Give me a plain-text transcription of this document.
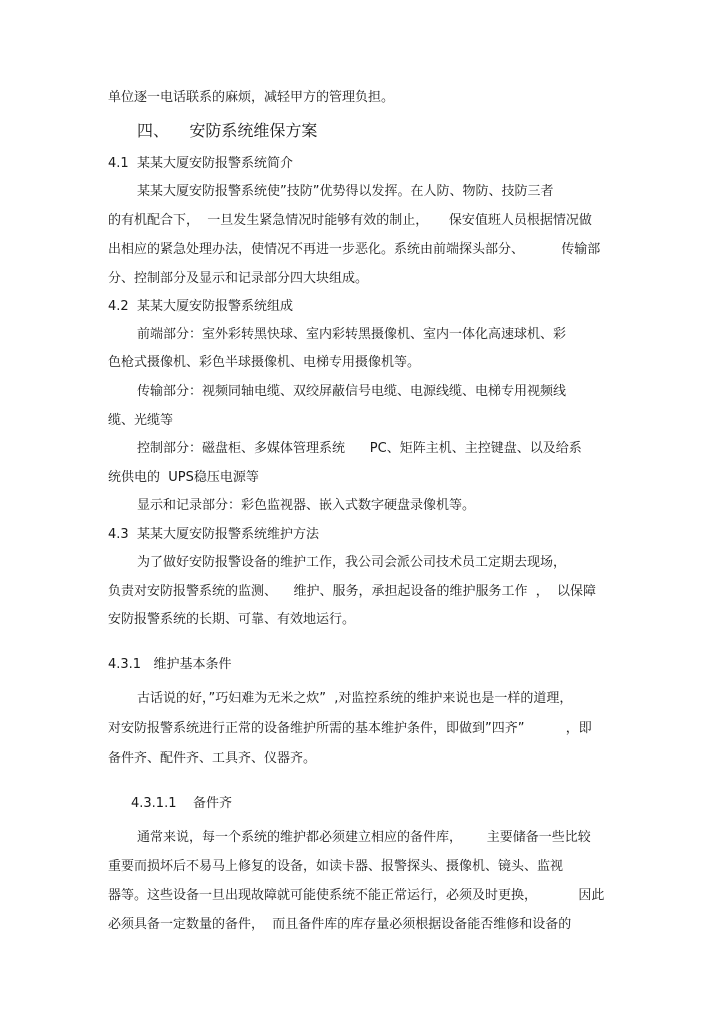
单位逐一电话联系的麻烦，减轻甲方的管理负担。
四、    安防系统维保方案
4.1  某某大厦安防报警系统简介
某某大厦安防报警系统使”技防”优势得以发挥。在人防、物防、技防三者
的有机配合下，  一旦发生紧急情况时能够有效的制止，     保安值班人员根据情况做
出相应的紧急处理办法，使情况不再进一步恶化。系统由前端探头部分、         传输部
分、控制部分及显示和记录部分四大块组成。
4.2  某某大厦安防报警系统组成
前端部分：室外彩转黑快球、室内彩转黑摄像机、室内一体化高速球机、彩
色枪式摄像机、彩色半球摄像机、电梯专用摄像机等。
传输部分：视频同轴电缆、双绞屏蔽信号电缆、电源线缆、电梯专用视频线
缆、光缆等
控制部分：磁盘柜、多媒体管理系统      PC、矩阵主机、主控键盘、以及给系
统供电的  UPS稳压电源等
显示和记录部分：彩色监视器、嵌入式数字硬盘录像机等。
4.3  某某大厦安防报警系统维护方法
为了做好安防报警设备的维护工作，我公司会派公司技术员工定期去现场，
负责对安防报警系统的监测、    维护、服务，承担起设备的维护服务工作  ，  以保障
安防报警系统的长期、可靠、有效地运行。
4.3.1   维护基本条件
古话说的好，”巧妇难为无米之炊”  ,对监控系统的维护来说也是一样的道理，
对安防报警系统进行正常的设备维护所需的基本维护条件，即做到”四齐”          ，即
备件齐、配件齐、工具齐、仪器齐。
4.3.1.1    备件齐
通常来说，每一个系统的维护都必须建立相应的备件库，      主要储备一些比较
重要而损坏后不易马上修复的设备，如读卡器、报警探头、摄像机、镜头、监视
器等。这些设备一旦出现故障就可能使系统不能正常运行，必须及时更换，          因此
必须具备一定数量的备件，  而且备件库的库存量必须根据设备能否维修和设备的
